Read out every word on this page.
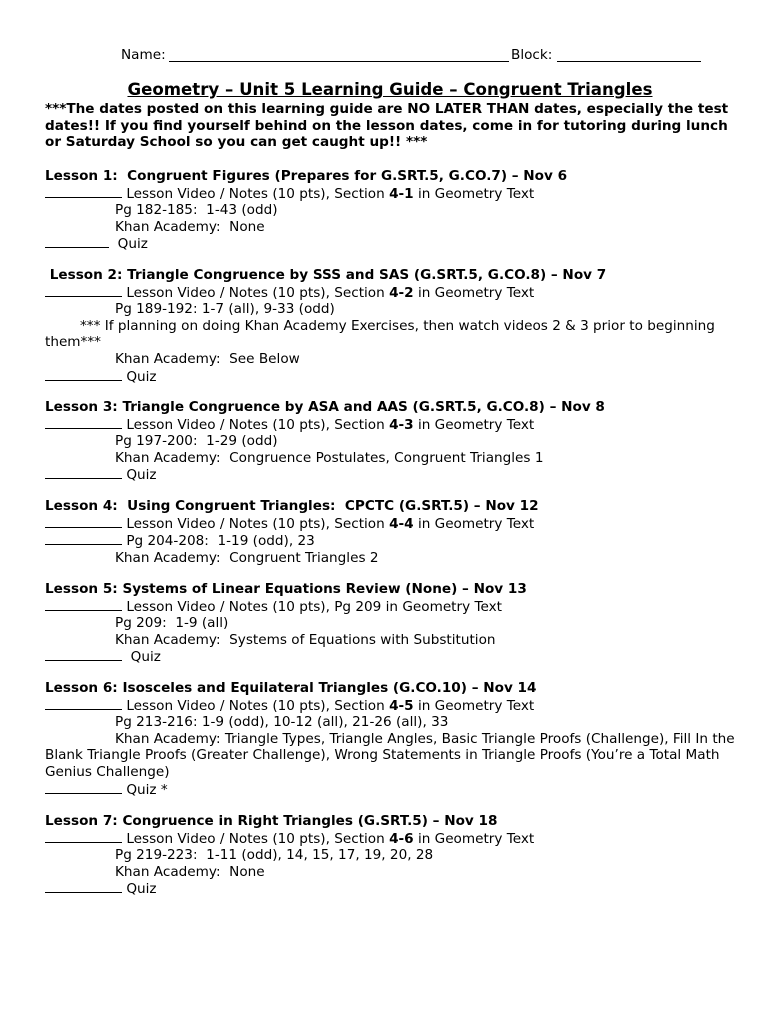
Name:	Block:
Geometry – Unit 5 Learning Guide – Congruent Triangles
***The dates posted on this learning guide are NO LATER THAN dates, especially the test dates!! If you find yourself behind on the lesson dates, come in for tutoring during lunch or Saturday School so you can get caught up!! ***
Lesson 1:  Congruent Figures (Prepares for G.SRT.5, G.CO.7) – Nov 6
Lesson Video / Notes (10 pts), Section 4-1 in Geometry Text
Pg 182-185:  1-43 (odd)
Khan Academy:  None
Quiz
Lesson 2: Triangle Congruence by SSS and SAS (G.SRT.5, G.CO.8) – Nov 7
Lesson Video / Notes (10 pts), Section 4-2 in Geometry Text
Pg 189-192: 1-7 (all), 9-33 (odd)
*** If planning on doing Khan Academy Exercises, then watch videos 2 & 3 prior to beginning them***
Khan Academy:  See Below
Quiz
Lesson 3: Triangle Congruence by ASA and AAS (G.SRT.5, G.CO.8) – Nov 8
Lesson Video / Notes (10 pts), Section 4-3 in Geometry Text
Pg 197-200:  1-29 (odd)
Khan Academy:  Congruence Postulates, Congruent Triangles 1
Quiz
Lesson 4:  Using Congruent Triangles:  CPCTC (G.SRT.5) – Nov 12
Lesson Video / Notes (10 pts), Section 4-4 in Geometry Text
Pg 204-208:  1-19 (odd), 23
Khan Academy:  Congruent Triangles 2
Lesson 5: Systems of Linear Equations Review (None) – Nov 13
Lesson Video / Notes (10 pts), Pg 209 in Geometry Text
Pg 209:  1-9 (all)
Khan Academy:  Systems of Equations with Substitution
Quiz
Lesson 6: Isosceles and Equilateral Triangles (G.CO.10) – Nov 14
Lesson Video / Notes (10 pts), Section 4-5 in Geometry Text
Pg 213-216: 1-9 (odd), 10-12 (all), 21-26 (all), 33
Khan Academy: Triangle Types, Triangle Angles, Basic Triangle Proofs (Challenge), Fill In the Blank Triangle Proofs (Greater Challenge), Wrong Statements in Triangle Proofs (You’re a Total Math Genius Challenge)
Quiz *
Lesson 7: Congruence in Right Triangles (G.SRT.5) – Nov 18
Lesson Video / Notes (10 pts), Section 4-6 in Geometry Text
Pg 219-223:  1-11 (odd), 14, 15, 17, 19, 20, 28
Khan Academy:  None
Quiz
